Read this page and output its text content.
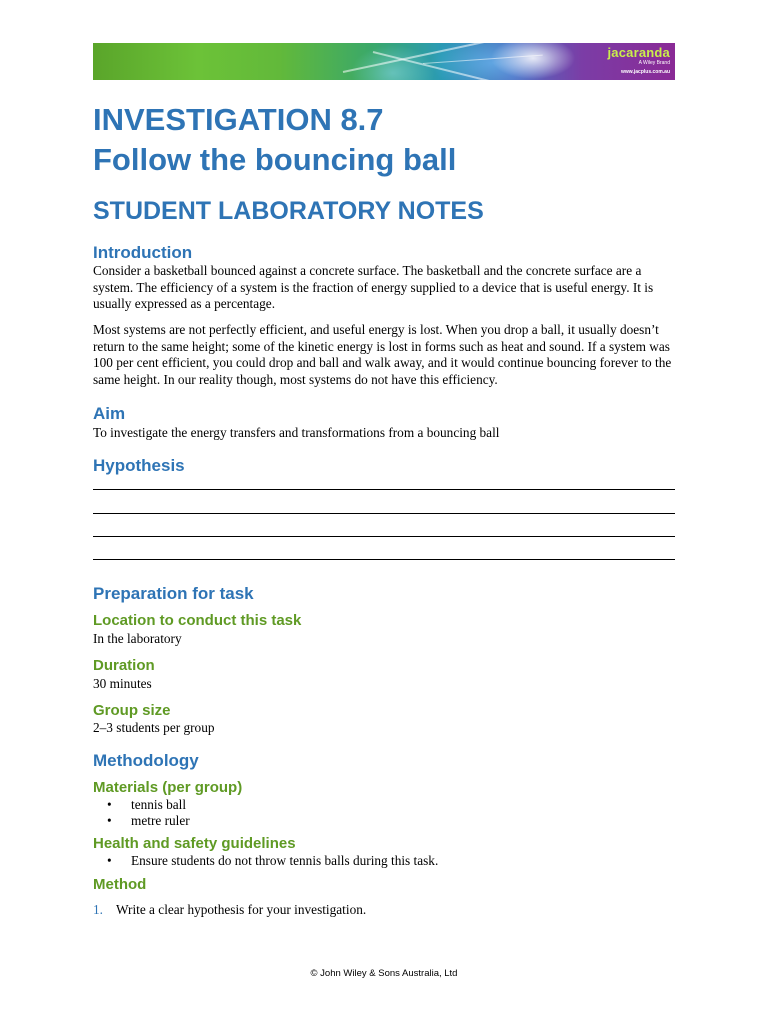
jacaranda
A Wiley Brand
www.jacplus.com.au
INVESTIGATION 8.7
Follow the bouncing ball
STUDENT LABORATORY NOTES
Introduction

Consider a basketball bounced against a concrete surface. The basketball and the concrete surface are a system. The efficiency of a system is the fraction of energy supplied to a device that is useful energy. It is usually expressed as a percentage.

Most systems are not perfectly efficient, and useful energy is lost. When you drop a ball, it usually doesn’t return to the same height; some of the kinetic energy is lost in forms such as heat and sound. If a system was 100 per cent efficient, you could drop and ball and walk away, and it would continue bouncing forever to the same height. In our reality though, most systems do not have this efficiency.

Aim

To investigate the energy transfers and transformations from a bouncing ball

Hypothesis
Preparation for task
Location to conduct this task

In the laboratory

Duration

30 minutes

Group size

2–3 students per group

Methodology
Materials (per group)
• tennis ball
• metre ruler
Health and safety guidelines
• Ensure students do not throw tennis balls during this task.
Method
1. Write a clear hypothesis for your investigation.
© John Wiley & Sons Australia, Ltd
